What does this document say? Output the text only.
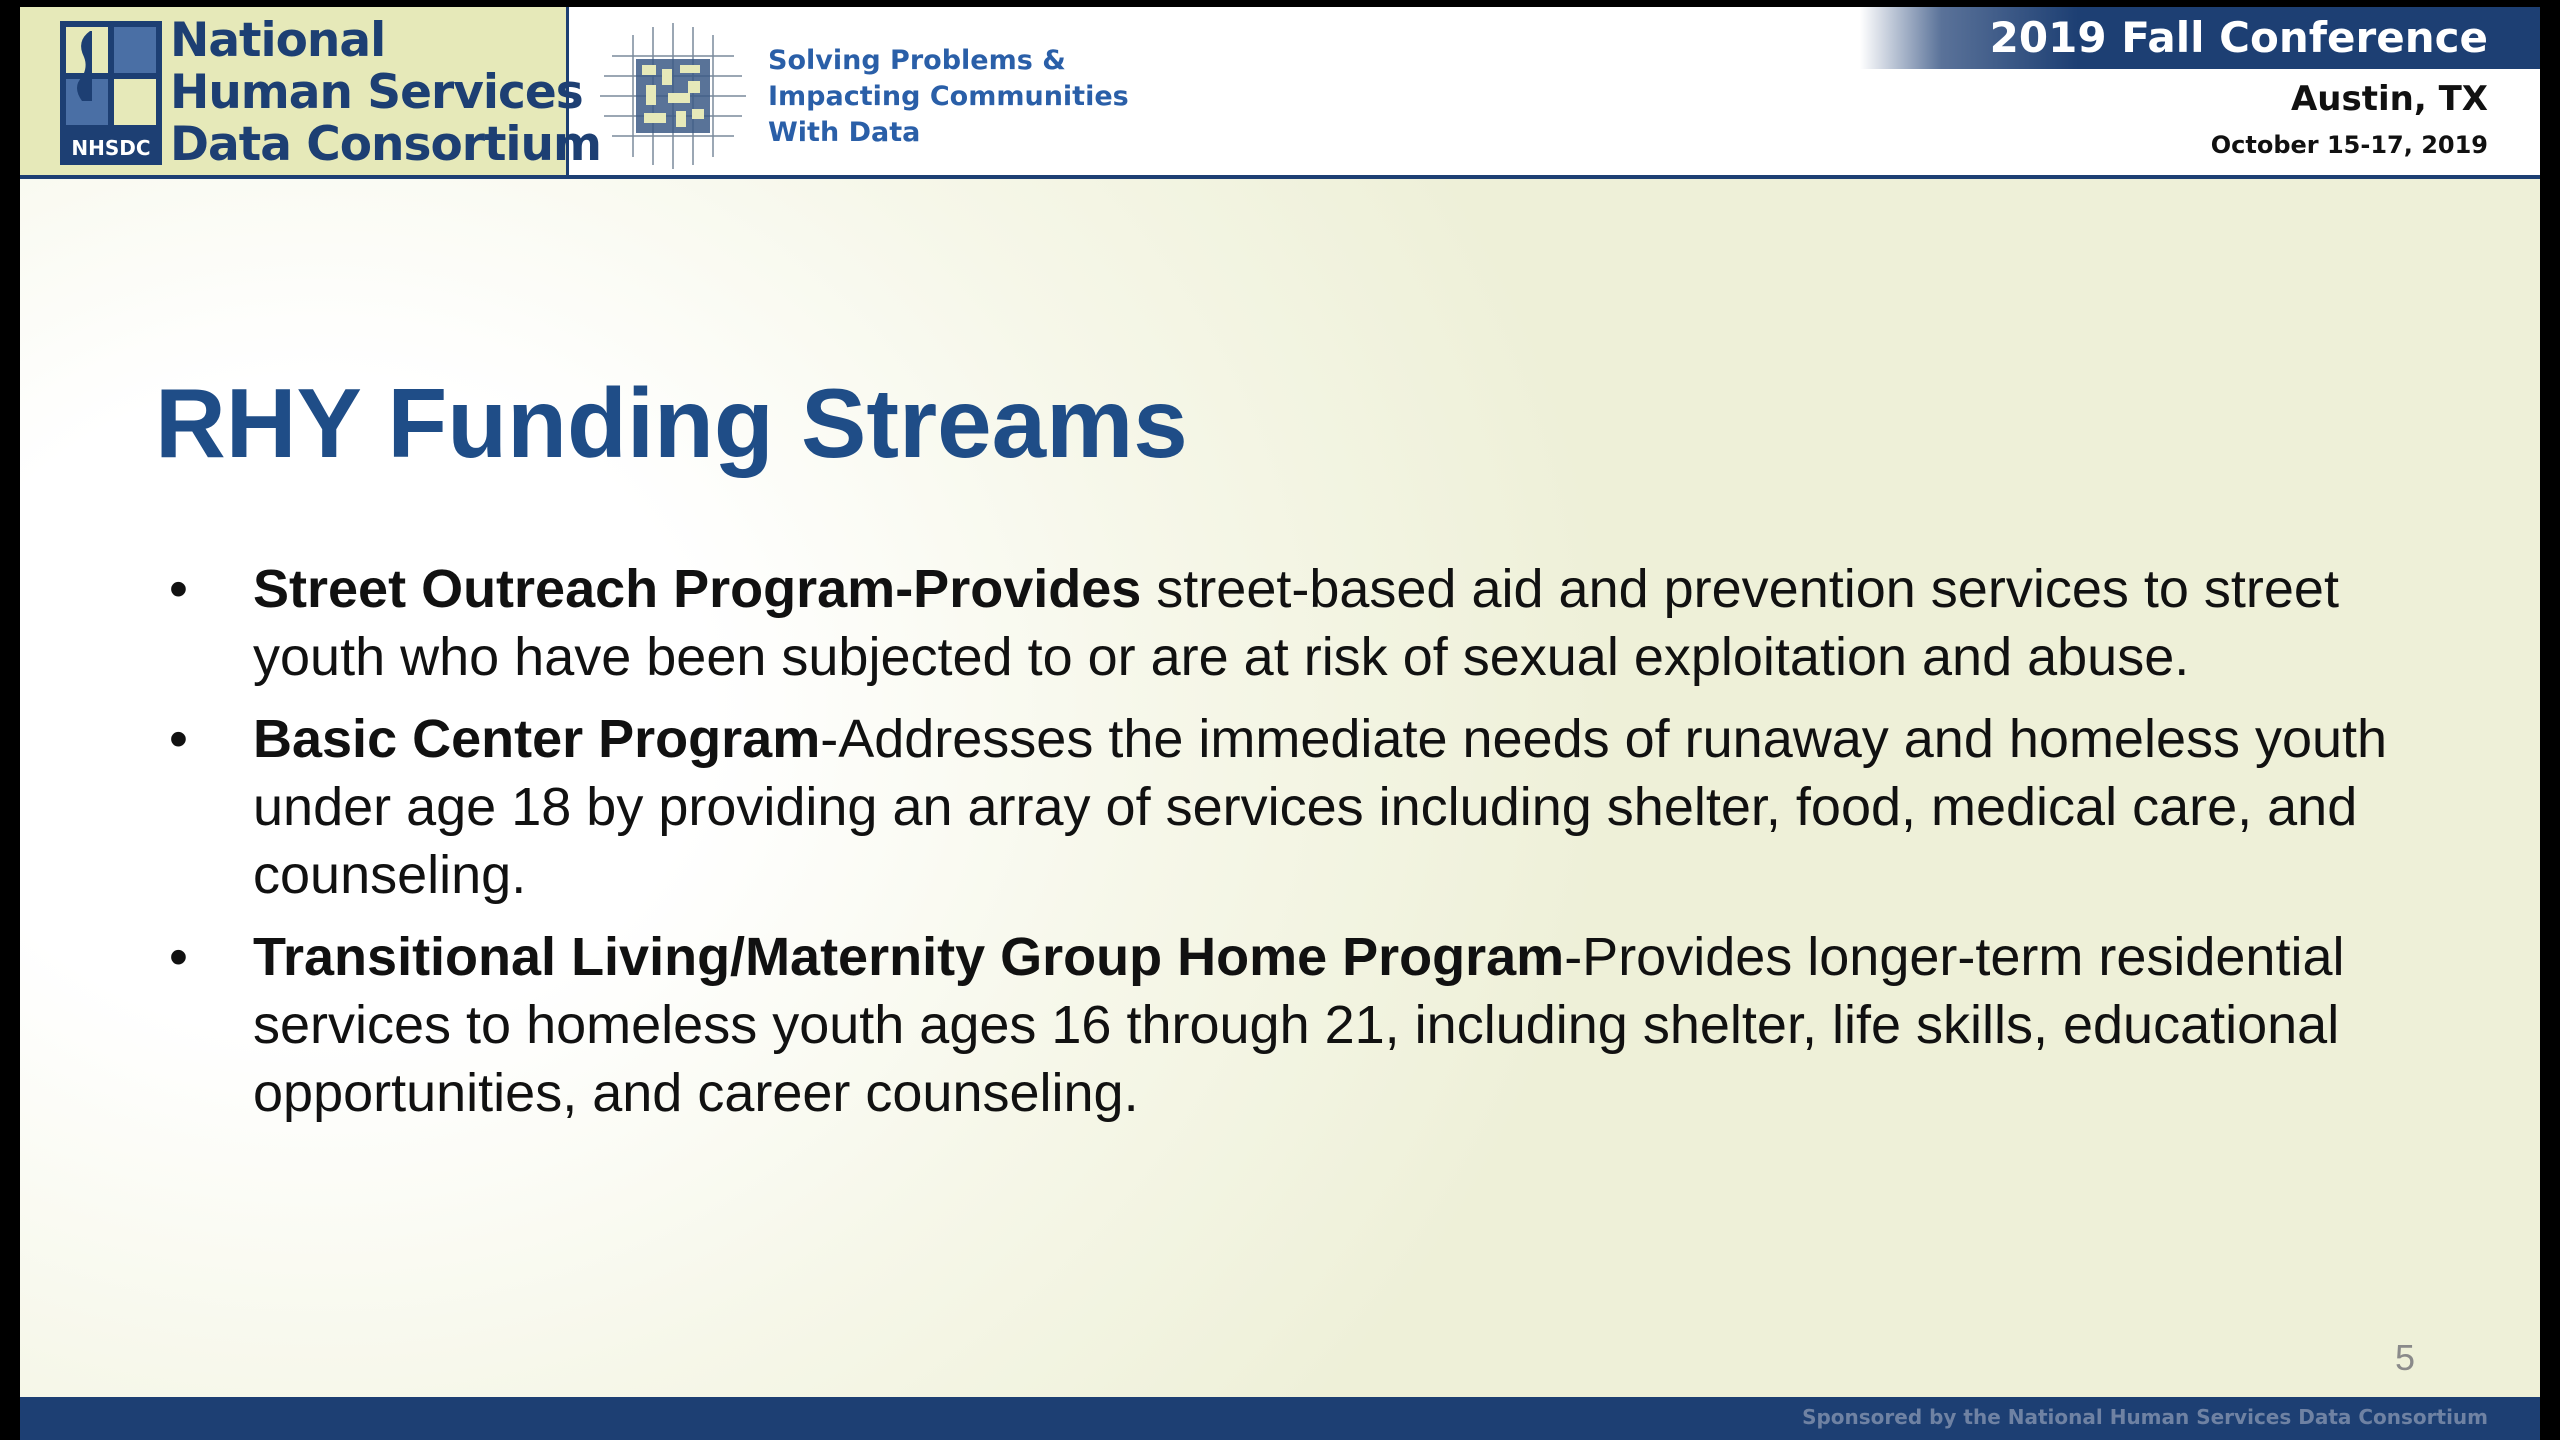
NHSDC
National
Human Services
Data Consortium
Solving Problems &
Impacting Communities
With Data
2019 Fall Conference
Austin, TX
October 15-17, 2019
RHY Funding Streams
• Street Outreach Program-Provides street-based aid and prevention services to street youth who have been subjected to or are at risk of sexual exploitation and abuse.
• Basic Center Program-Addresses the immediate needs of runaway and homeless youth under age 18 by providing an array of services including shelter, food, medical care, and counseling.
• Transitional Living/Maternity Group Home Program-Provides longer-term residential services to homeless youth ages 16 through 21, including shelter, life skills, educational opportunities, and career counseling.
5
Sponsored by the National Human Services Data Consortium
